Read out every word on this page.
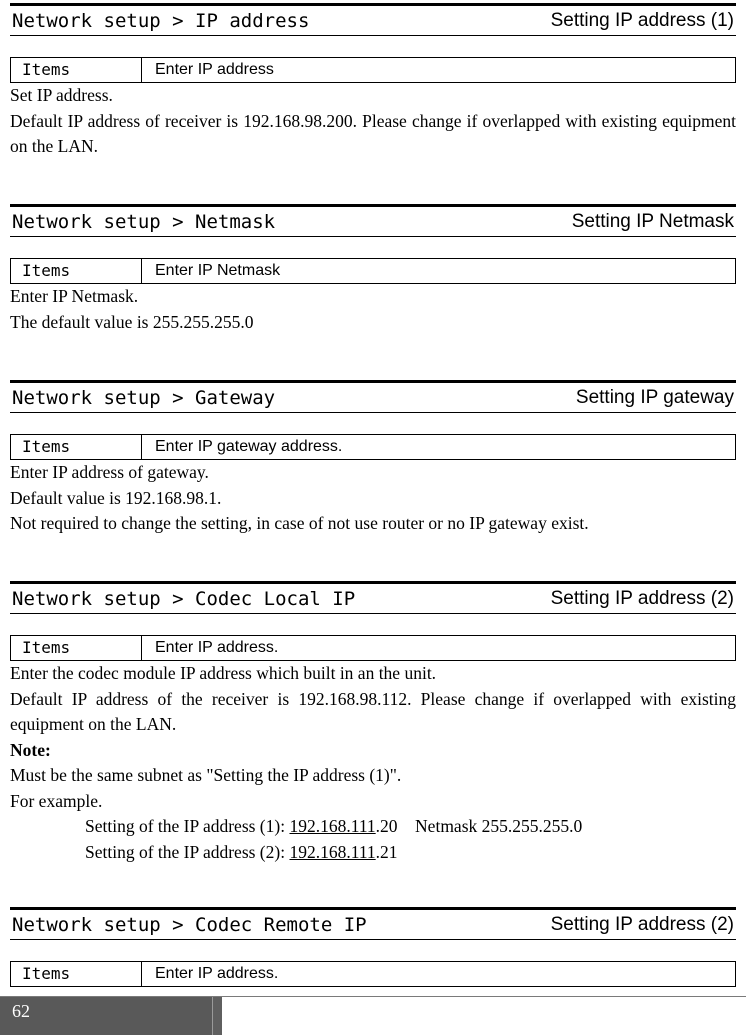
Network setup > IP address	Setting IP address (1)
Items	Enter IP address

Set IP address.

Default IP address of receiver is 192.168.98.200. Please change if overlapped with existing equipment on the LAN.

Network setup > Netmask	Setting IP Netmask
Items	Enter IP Netmask

Enter IP Netmask.

The default value is 255.255.255.0

Network setup > Gateway	Setting IP gateway
Items	Enter IP gateway address.

Enter IP address of gateway.

Default value is 192.168.98.1.

Not required to change the setting, in case of not use router or no IP gateway exist.

Network setup > Codec Local IP	Setting IP address (2)
Items	Enter IP address.

Enter the codec module IP address which built in an the unit.

Default IP address of the receiver is 192.168.98.112. Please change if overlapped with existing equipment on the LAN.

Note:

Must be the same subnet as "Setting the IP address (1)".

For example.

Setting of the IP address (1): 192.168.111.20    Netmask 255.255.255.0

Setting of the IP address (2): 192.168.111.21

Network setup > Codec Remote IP	Setting IP address (2)
Items	Enter IP address.
62
